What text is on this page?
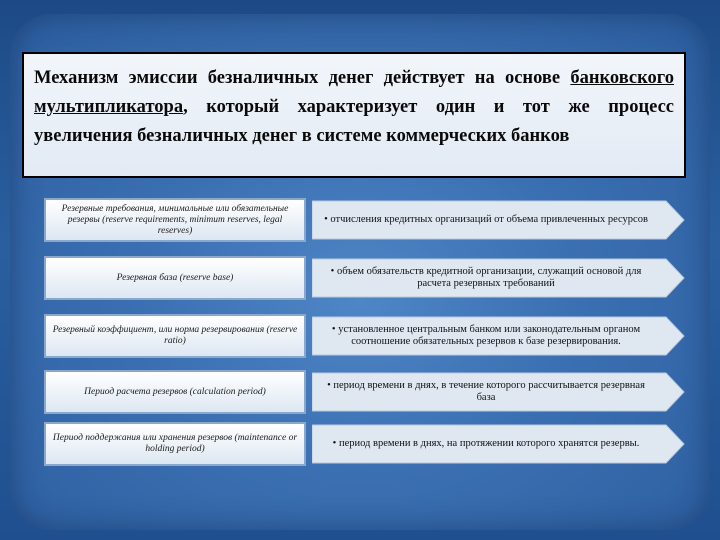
Механизм эмиссии безналичных денег действует на основе банковского мультипликатора, который характеризует один и тот же процесс увеличения безналичных денег в системе коммерческих банков
Резервные требования, минимальные или обязательные резервы (reserve requirements, minimum reserves, legal reserves)
• отчисления кредитных организаций от объема привлеченных ресурсов
Резервная база (reserve base)
• объем обязательств кредитной организации, служащий основой для расчета резервных требований
Резервный коэффициент, или норма резервирования (reserve ratio)
• установленное центральным банком или законодательным органом соотношение обязательных резервов к базе резервирования.
Период расчета резервов (calculation period)
• период времени в днях, в течение которого рассчитывается резервная база
Период поддержания или хранения резервов (maintenance or holding period)	• период времени в днях, на протяжении которого хранятся резервы.
